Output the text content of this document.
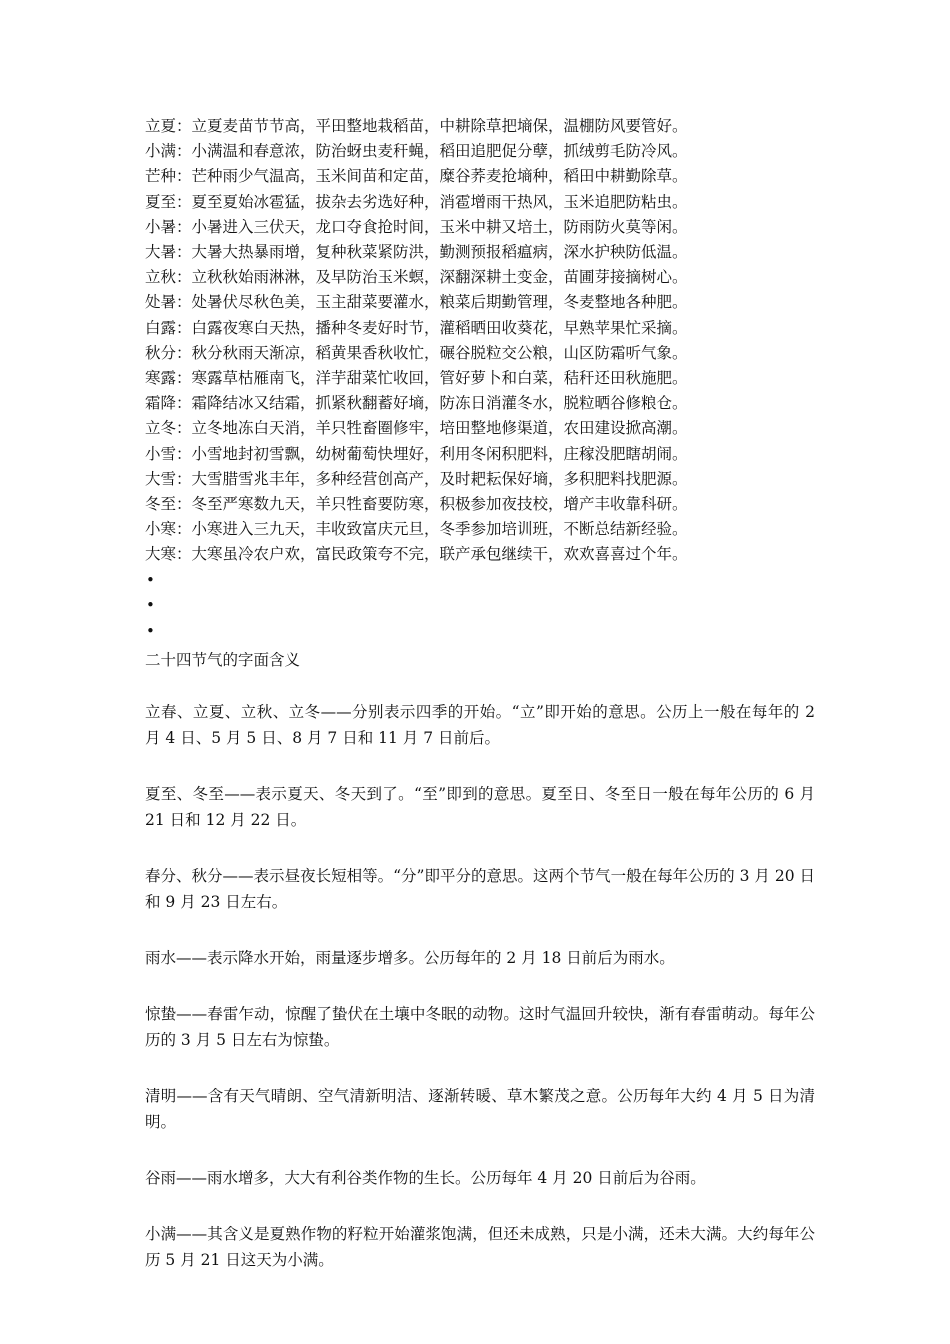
立夏：立夏麦苗节节高，平田整地栽稻苗，中耕除草把墒保，温棚防风要管好。
小满：小满温和春意浓，防治蚜虫麦秆蝇，稻田追肥促分孽，抓绒剪毛防冷风。
芒种：芒种雨少气温高，玉米间苗和定苗，糜谷荞麦抢墒种，稻田中耕勤除草。
夏至：夏至夏始冰雹猛，拔杂去劣选好种，消雹增雨干热风，玉米追肥防粘虫。
小暑：小暑进入三伏天，龙口夺食抢时间，玉米中耕又培土，防雨防火莫等闲。
大暑：大暑大热暴雨增，复种秋菜紧防洪，勤测预报稻瘟病，深水护秧防低温。
立秋：立秋秋始雨淋淋，及早防治玉米螟，深翻深耕土变金，苗圃芽接摘树心。
处暑：处暑伏尽秋色美，玉主甜菜要灌水，粮菜后期勤管理，冬麦整地各种肥。
白露：白露夜寒白天热，播种冬麦好时节，灌稻晒田收葵花，早熟苹果忙采摘。
秋分：秋分秋雨天渐凉，稻黄果香秋收忙，碾谷脱粒交公粮，山区防霜听气象。
寒露：寒露草枯雁南飞，洋芋甜菜忙收回，管好萝卜和白菜，秸秆还田秋施肥。
霜降：霜降结冰又结霜，抓紧秋翻蓄好墒，防冻日消灌冬水，脱粒晒谷修粮仓。
立冬：立冬地冻白天消，羊只牲畜圈修牢，培田整地修渠道，农田建设掀高潮。
小雪：小雪地封初雪飘，幼树葡萄快埋好，利用冬闲积肥料，庄稼没肥瞎胡闹。
大雪：大雪腊雪兆丰年，多种经营创高产，及时耙耘保好墒，多积肥料找肥源。
冬至：冬至严寒数九天，羊只牲畜要防寒，积极参加夜技校，增产丰收靠科研。
小寒：小寒进入三九天，丰收致富庆元旦，冬季参加培训班，不断总结新经验。
大寒：大寒虽冷农户欢，富民政策夸不完，联产承包继续干，欢欢喜喜过个年。
•
•
•
二十四节气的字面含义

立春、立夏、立秋、立冬——分别表示四季的开始。“立”即开始的意思。公历上一般在每年的 2 月 4 日、5 月 5 日、8 月 7 日和 11 月 7 日前后。

夏至、冬至——表示夏天、冬天到了。“至”即到的意思。夏至日、冬至日一般在每年公历的 6 月 21 日和 12 月 22 日。

春分、秋分——表示昼夜长短相等。“分”即平分的意思。这两个节气一般在每年公历的 3 月 20 日和 9 月 23 日左右。

雨水——表示降水开始，雨量逐步增多。公历每年的 2 月 18 日前后为雨水。

惊蛰——春雷乍动，惊醒了蛰伏在土壤中冬眠的动物。这时气温回升较快，渐有春雷萌动。每年公历的 3 月 5 日左右为惊蛰。

清明——含有天气晴朗、空气清新明洁、逐渐转暖、草木繁茂之意。公历每年大约 4 月 5 日为清明。

谷雨——雨水增多，大大有利谷类作物的生长。公历每年 4 月 20 日前后为谷雨。

小满——其含义是夏熟作物的籽粒开始灌浆饱满，但还未成熟，只是小满，还未大满。大约每年公历 5 月 21 日这天为小满。
